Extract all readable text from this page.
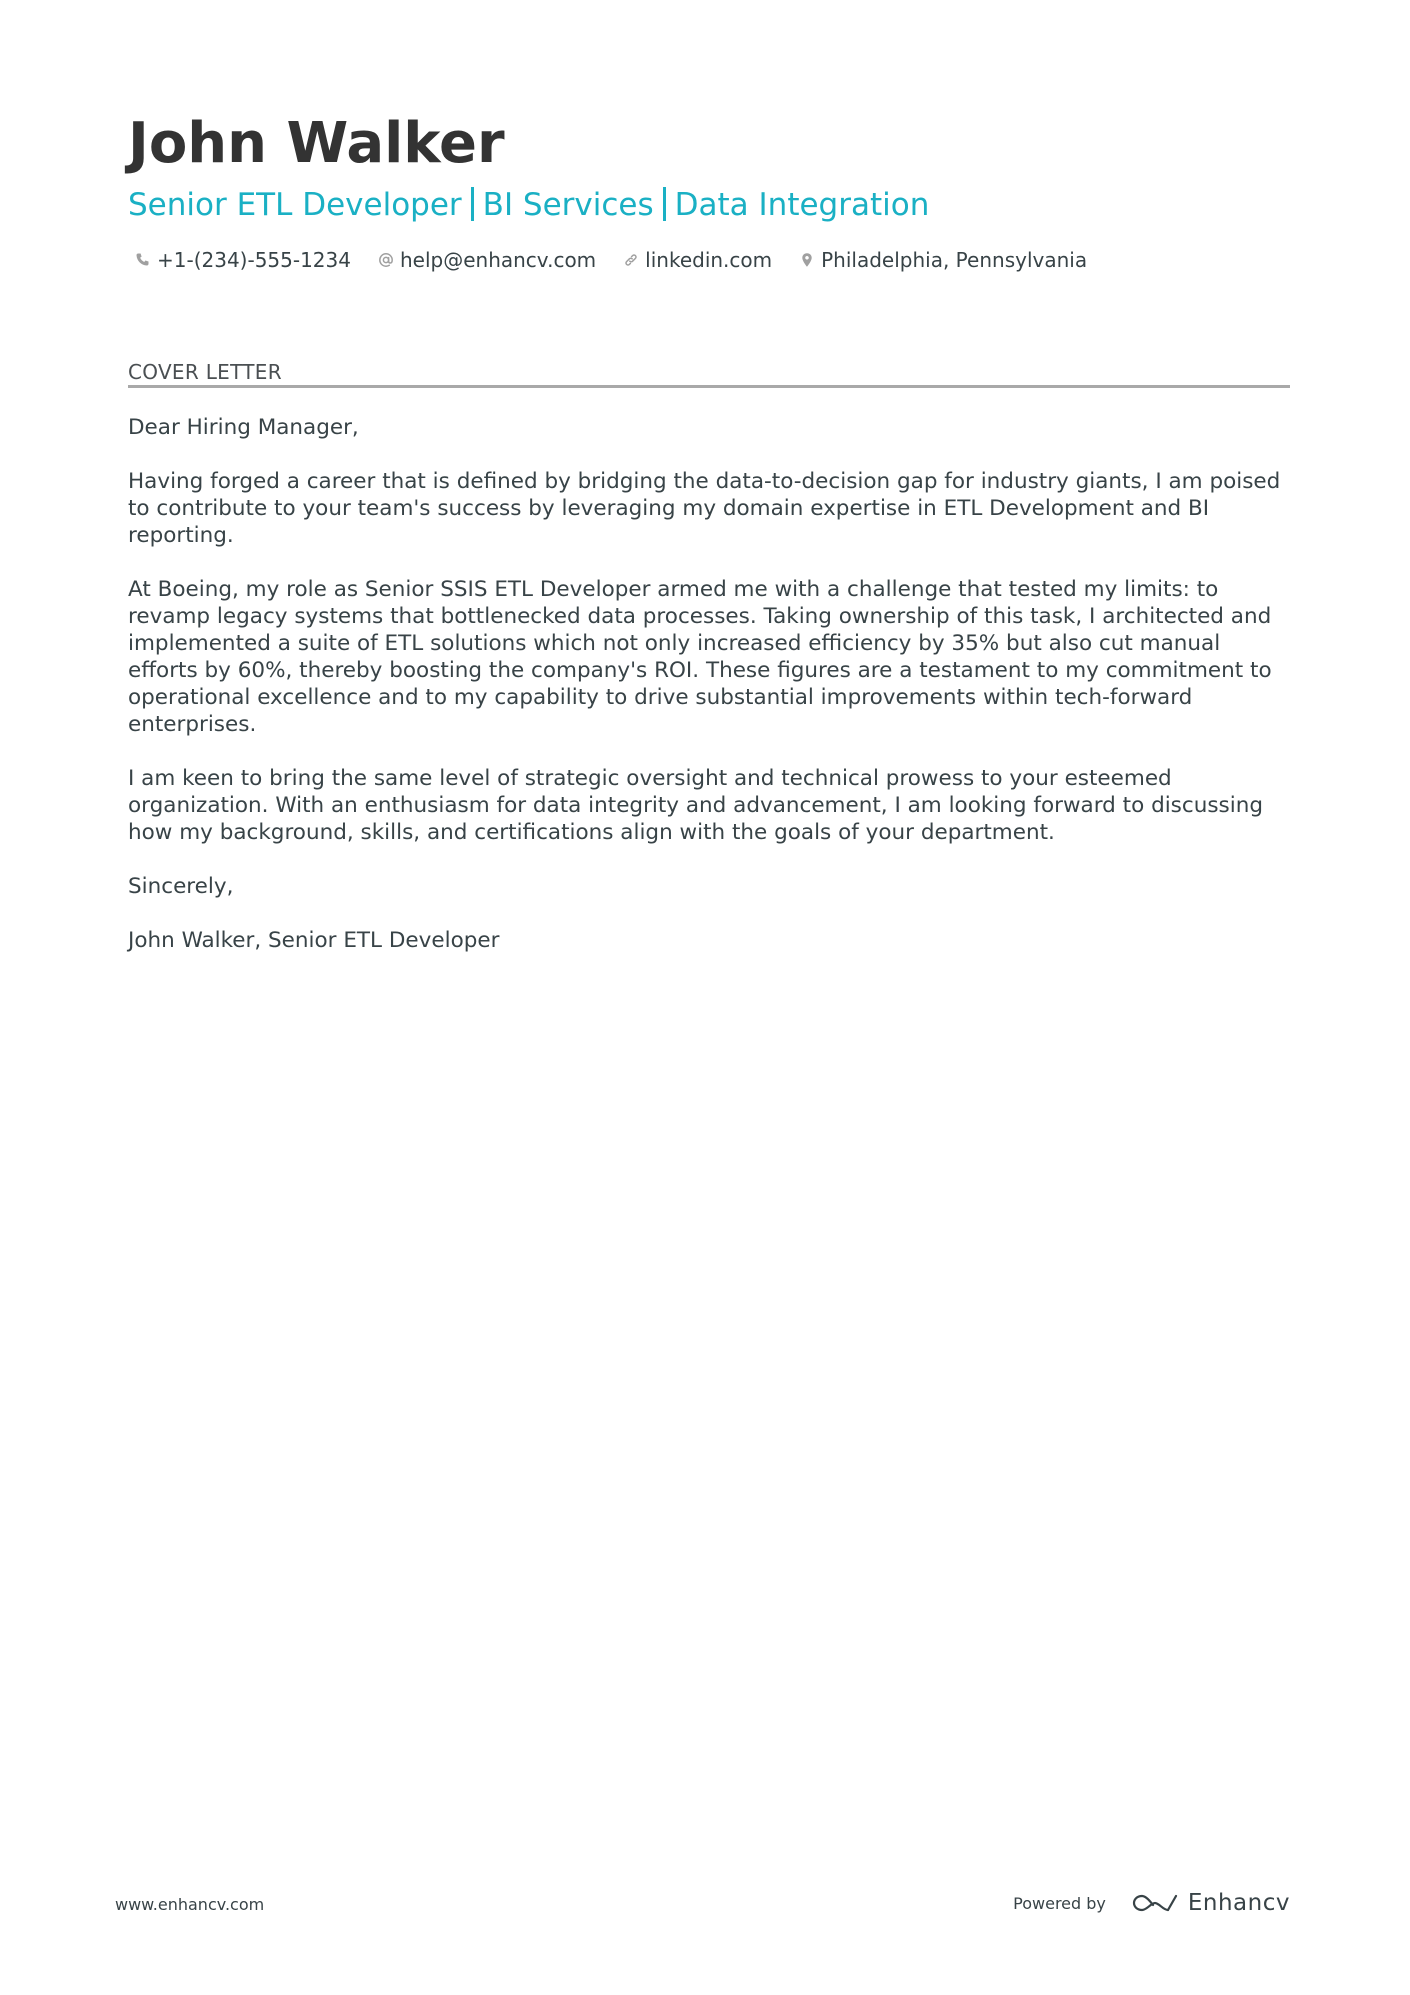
John Walker
Senior ETL Developer BI Services Data Integration
+1-(234)-555-1234 help@enhancv.com linkedin.com Philadelphia, Pennsylvania
COVER LETTER

Dear Hiring Manager,

Having forged a career that is defined by bridging the data-to-decision gap for industry giants, I am poised to contribute to your team's success by leveraging my domain expertise in ETL Development and BI reporting.

At Boeing, my role as Senior SSIS ETL Developer armed me with a challenge that tested my limits: to revamp legacy systems that bottlenecked data processes. Taking ownership of this task, I architected and implemented a suite of ETL solutions which not only increased efficiency by 35% but also cut manual efforts by 60%, thereby boosting the company's ROI. These figures are a testament to my commitment to operational excellence and to my capability to drive substantial improvements within tech-forward enterprises.

I am keen to bring the same level of strategic oversight and technical prowess to your esteemed organization. With an enthusiasm for data integrity and advancement, I am looking forward to discussing how my background, skills, and certifications align with the goals of your department.

Sincerely,

John Walker, Senior ETL Developer

www.enhancv.com	Powered by	Enhancv
